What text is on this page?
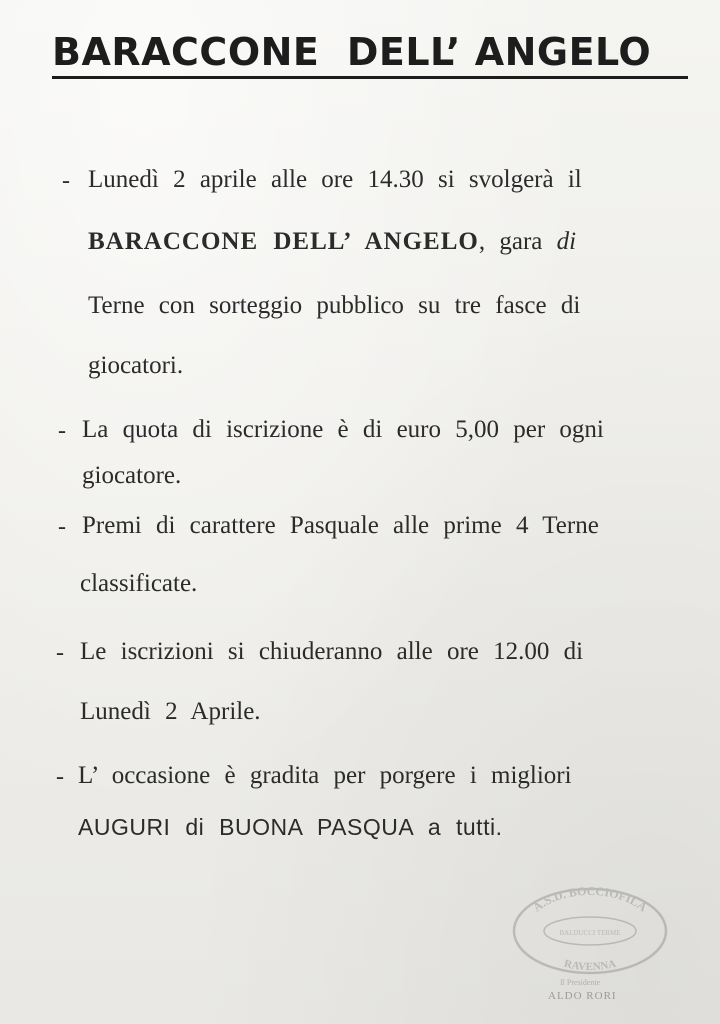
BARACCONE  DELL’ ANGELO
- Lunedì 2 aprile alle ore 14.30 si svolgerà il
BARACCONE DELL’ ANGELO, gara di
Terne con sorteggio pubblico su tre fasce di
giocatori.
- La quota di iscrizione è di euro 5,00 per ogni
giocatore.
- Premi di carattere Pasquale alle prime 4 Terne
classificate.
- Le iscrizioni si chiuderanno alle ore 12.00 di
Lunedì 2 Aprile.
- L’ occasione è gradita per porgere i migliori
AUGURI di BUONA PASQUA a tutti.
A.S.D. BOCCIOFILA
BALDUCCI TERME
RAVENNA
Il Presidente
ALDO RORI
